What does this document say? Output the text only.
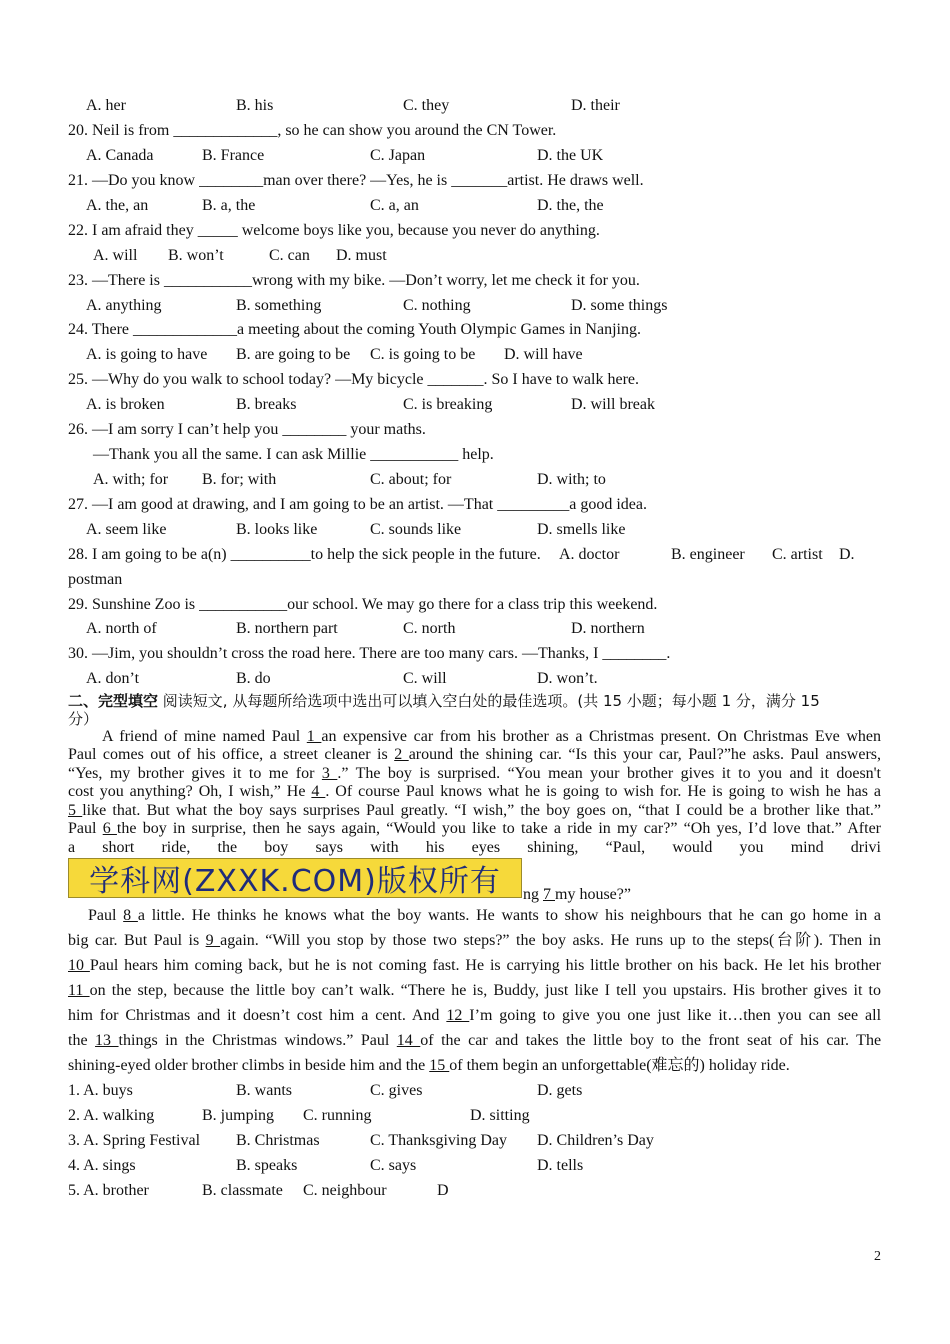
A. her	B. his	C. they	D. their
20. Neil is from _____________, so he can show you around the CN Tower.
A. Canada	B. France	C. Japan	D. the UK
21. —Do you know ________man over there? —Yes, he is _______artist. He draws well.
A. the, an	B. a, the	C. a, an	D. the, the
22. I am afraid they _____ welcome boys like you, because you never do anything.
A. will B. won’t	C. can D. must
23. —There is ___________wrong with my bike. —Don’t worry, let me check it for you.
A. anything	B. something	C. nothing	D. some things
24. There _____________a meeting about the coming Youth Olympic Games in Nanjing.
A. is going to have B. are going to be C. is going to be D. will have
25. —Why do you walk to school today? —My bicycle _______. So I have to walk here.
A. is broken	B. breaks	C. is breaking	D. will break
26. —I am sorry I can’t help you ________ your maths.
—Thank you all the same. I can ask Millie ___________ help.
A. with; for B. for; with	C. about; for	D. with; to
27. —I am good at drawing, and I am going to be an artist. —That _________a good idea.
A. seem like	B. looks like	C. sounds like	D. smells like
28. I am going to be a(n) __________to help the sick people in the future. A. doctor	B. engineer C. artist D.
postman
29. Sunshine Zoo is ___________our school. We may go there for a class trip this weekend.
A. north of	B. northern part	C. north	D. northern
30. —Jim, you shouldn’t cross the road here. There are too many cars. —Thanks, I ________.
A. don’t	B. do	C. will	D. won’t.
二、完型填空 阅读短文, 从每题所给选项中选出可以填入空白处的最佳选项。(共 15 小题；每小题 1 分，满分 15
分）
A friend of mine named Paul 1 an expensive car from his brother as a Christmas present. On Christmas Eve when
Paul comes out of his office, a street cleaner is 2 around the shining car. “Is this your car, Paul?”he asks. Paul answers,
“Yes, my brother gives it to me for 3 .” The boy is surprised. “You mean your brother gives it to you and it doesn't
cost you anything? Oh, I wish,” He 4 . Of course Paul knows what he is going to wish for. He is going to wish he has a
5 like that. But what the boy says surprises Paul greatly. “I wish,” the boy goes on, “that I could be a brother like that.”
Paul 6 the boy in surprise, then he says again, “Would you like to take a ride in my car?” “Oh yes, I’d love that.” After
a short ride, the boy says with his eyes shining, “Paul, would you mind drivi
学科网(ZXXK.COM)版权所有 ng 7 my house?”
Paul 8 a little. He thinks he knows what the boy wants. He wants to show his neighbours that he can go home in a
big car. But Paul is 9 again. “Will you stop by those two steps?” the boy asks. He runs up to the steps(台阶). Then in
10 Paul hears him coming back, but he is not coming fast. He is carrying his little brother on his back. He let his brother
11 on the step, because the little boy can’t walk. “There he is, Buddy, just like I tell you upstairs. His brother gives it to
him for Christmas and it doesn’t cost him a cent. And 12 I’m going to give you one just like it…then you can see all
the 13 things in the Christmas windows.” Paul 14 of the car and takes the little boy to the front seat of his car. The
shining-eyed older brother climbs in beside him and the 15 of them begin an unforgettable(难忘的) holiday ride.
1. A. buys	B. wants	C. gives	D. gets
2. A. walking	B. jumping C. running	D. sitting
3. A. Spring Festival B. Christmas	C. Thanksgiving Day D. Children’s Day
4. A. sings	B. speaks	C. says	D. tells
5. A. brother	B. classmate C. neighbour	D
2
